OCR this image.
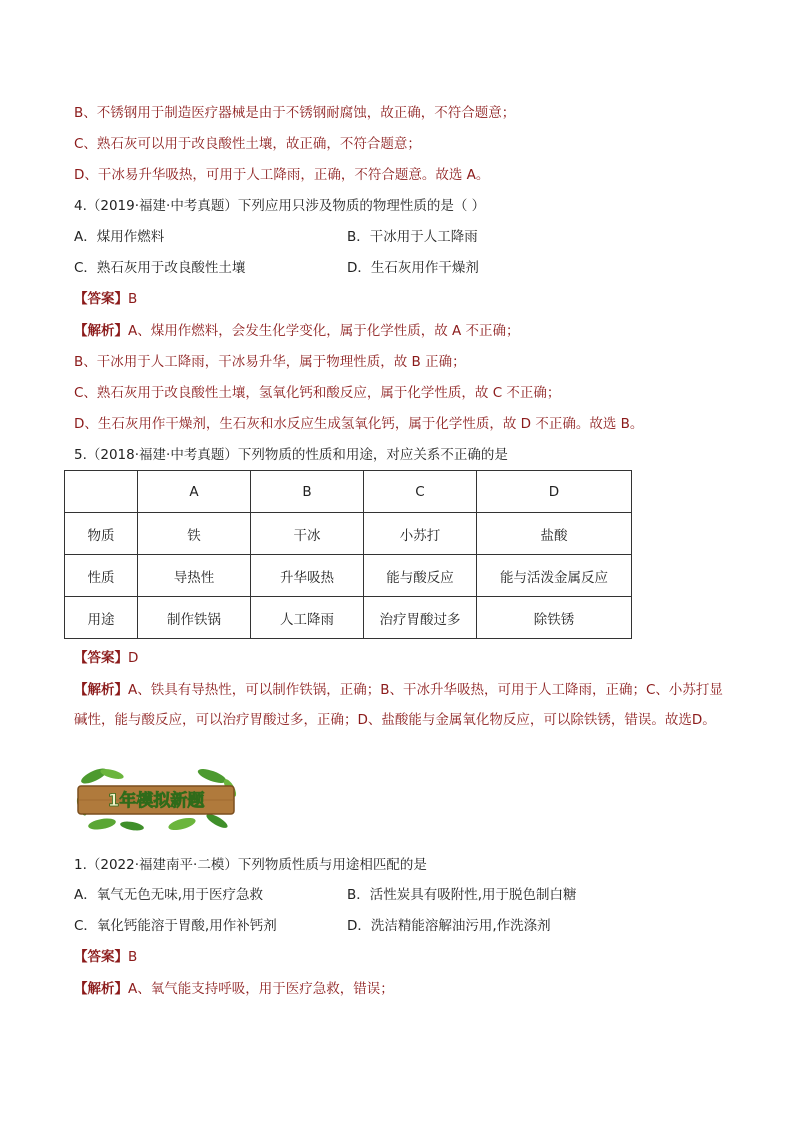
B、不锈钢用于制造医疗器械是由于不锈钢耐腐蚀，故正确，不符合题意；
C、熟石灰可以用于改良酸性土壤，故正确，不符合题意；
D、干冰易升华吸热，可用于人工降雨，正确，不符合题意。故选 A。
4.（2019·福建·中考真题）下列应用只涉及物质的物理性质的是（ ）
A．煤用作燃料	B．干冰用于人工降雨
C．熟石灰用于改良酸性土壤	D．生石灰用作干燥剂
【答案】B
【解析】A、煤用作燃料，会发生化学变化，属于化学性质，故 A 不正确；
B、干冰用于人工降雨，干冰易升华，属于物理性质，故 B 正确；
C、熟石灰用于改良酸性土壤，氢氧化钙和酸反应，属于化学性质，故 C 不正确；
D、生石灰用作干燥剂，生石灰和水反应生成氢氧化钙，属于化学性质，故 D 不正确。故选 B。
5.（2018·福建·中考真题）下列物质的性质和用途，对应关系不正确的是
	A	B	C	D
物质	铁	干冰	小苏打	盐酸
性质	导热性	升华吸热	能与酸反应	能与活泼金属反应
用途	制作铁锅	人工降雨	治疗胃酸过多	除铁锈
【答案】D
【解析】A、铁具有导热性，可以制作铁锅，正确；B、干冰升华吸热，可用于人工降雨，正确；C、小苏打显碱性，能与酸反应，可以治疗胃酸过多，正确；D、盐酸能与金属氧化物反应，可以除铁锈，错误。故选D。
1年模拟新题
1.（2022·福建南平·二模）下列物质性质与用途相匹配的是
A．氧气无色无味,用于医疗急救	B．活性炭具有吸附性,用于脱色制白糖
C．氧化钙能溶于胃酸,用作补钙剂	D．洗洁精能溶解油污用,作洗涤剂
【答案】B
【解析】A、氧气能支持呼吸，用于医疗急救，错误；
